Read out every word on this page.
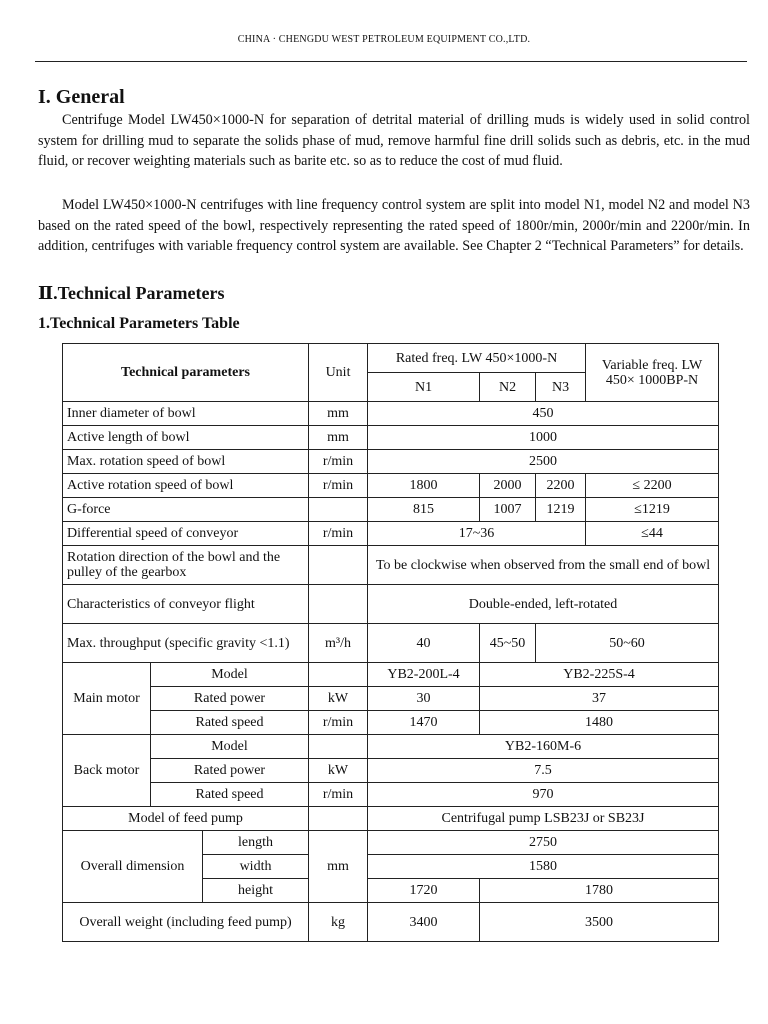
CHINA · CHENGDU WEST PETROLEUM EQUIPMENT CO.,LTD.
I. General
Centrifuge Model LW450×1000-N for separation of detrital material of drilling muds is widely used in solid control system for drilling mud to separate the solids phase of mud, remove harmful fine drill solids such as debris, etc. in the mud fluid, or recover weighting materials such as barite etc. so as to reduce the cost of mud fluid.
Model LW450×1000-N centrifuges with line frequency control system are split into model N1, model N2 and model N3 based on the rated speed of the bowl, respectively representing the rated speed of 1800r/min, 2000r/min and 2200r/min. In addition, centrifuges with variable frequency control system are available. See Chapter 2 “Technical Parameters” for details.
Ⅱ.Technical Parameters
1.Technical Parameters Table
Technical parameters			Unit	Rated freq. LW 450×1000-N			Variable freq. LW 450× 1000BP-N
				N1	N2	N3	
Inner diameter of bowl			mm	450			
Active length of bowl			mm	1000			
Max. rotation speed of bowl			r/min	2500			
Active rotation speed of bowl			r/min	1800	2000	2200	≤ 2200
G-force				815	1007	1219	≤1219
Differential speed of conveyor			r/min	17~36			≤44
Rotation direction of the bowl and the pulley of the gearbox				To be clockwise when observed from the small end of bowl			
Characteristics of conveyor flight				Double-ended, left-rotated			
Max. throughput (specific gravity <1.1)			m³/h	40	45~50	50~60	
Main motor	Model			YB2-200L-4	YB2-225S-4		
	Rated power		kW	30	37		
	Rated speed		r/min	1470	1480		
Back motor	Model			YB2-160M-6			
	Rated power		kW	7.5			
	Rated speed		r/min	970			
Model of feed pump				Centrifugal pump LSB23J or SB23J			
Overall dimension		length	mm	2750			
		width		1580			
		height		1720	1780		
Overall weight (including feed pump)			kg	3400	3500		
